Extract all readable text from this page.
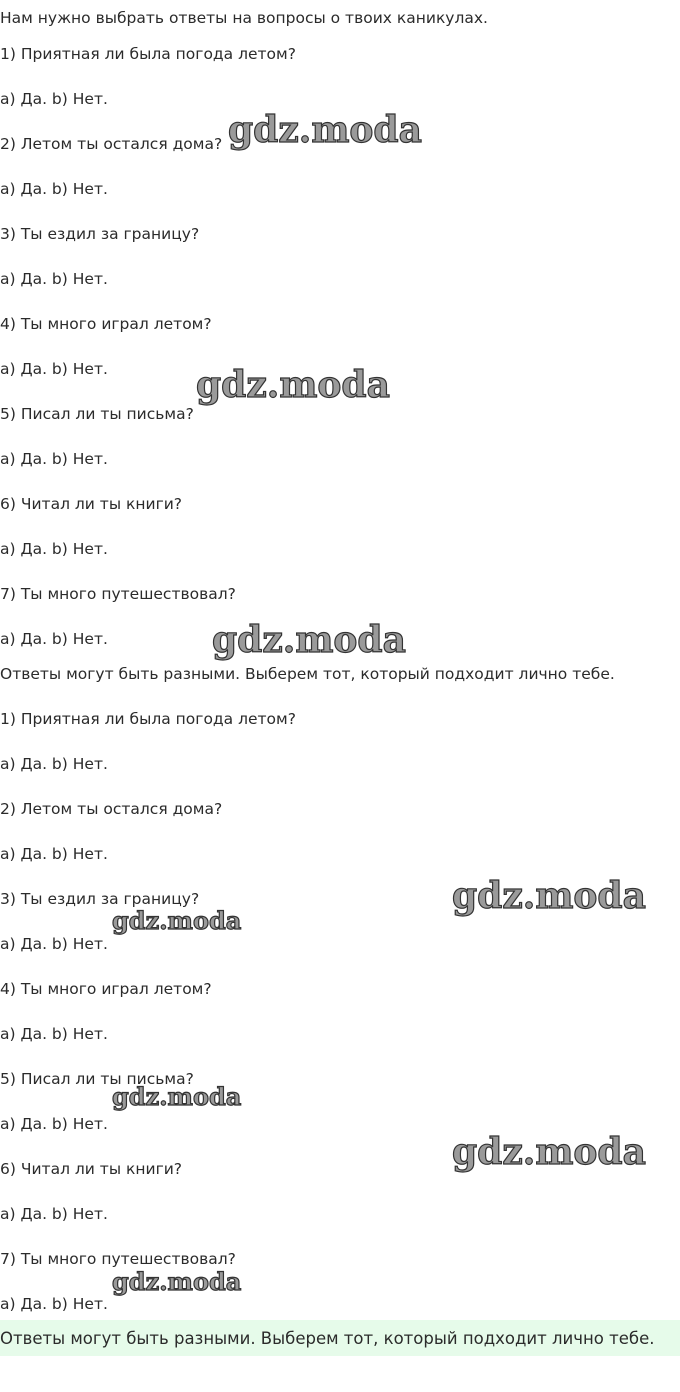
Нам нужно выбрать ответы на вопросы о твоих каникулах.
1) Приятная ли была погода летом?
a) Да. b) Нет.
2) Летом ты остался дома?
a) Да. b) Нет.
3) Ты ездил за границу?
a) Да. b) Нет.
4) Ты много играл летом?
a) Да. b) Нет.
5) Писал ли ты письма?
a) Да. b) Нет.
6) Читал ли ты книги?
a) Да. b) Нет.
7) Ты много путешествовал?
a) Да. b) Нет.
Ответы могут быть разными. Выберем тот, который подходит лично тебе.
1) Приятная ли была погода летом?
a) Да. b) Нет.
2) Летом ты остался дома?
a) Да. b) Нет.
3) Ты ездил за границу?
a) Да. b) Нет.
4) Ты много играл летом?
a) Да. b) Нет.
5) Писал ли ты письма?
a) Да. b) Нет.
6) Читал ли ты книги?
a) Да. b) Нет.
7) Ты много путешествовал?
a) Да. b) Нет.
Ответы могут быть разными. Выберем тот, который подходит лично тебе.
gdz.moda
gdz.moda
gdz.moda
gdz.moda
gdz.moda
gdz.moda
gdz.moda
gdz.moda
